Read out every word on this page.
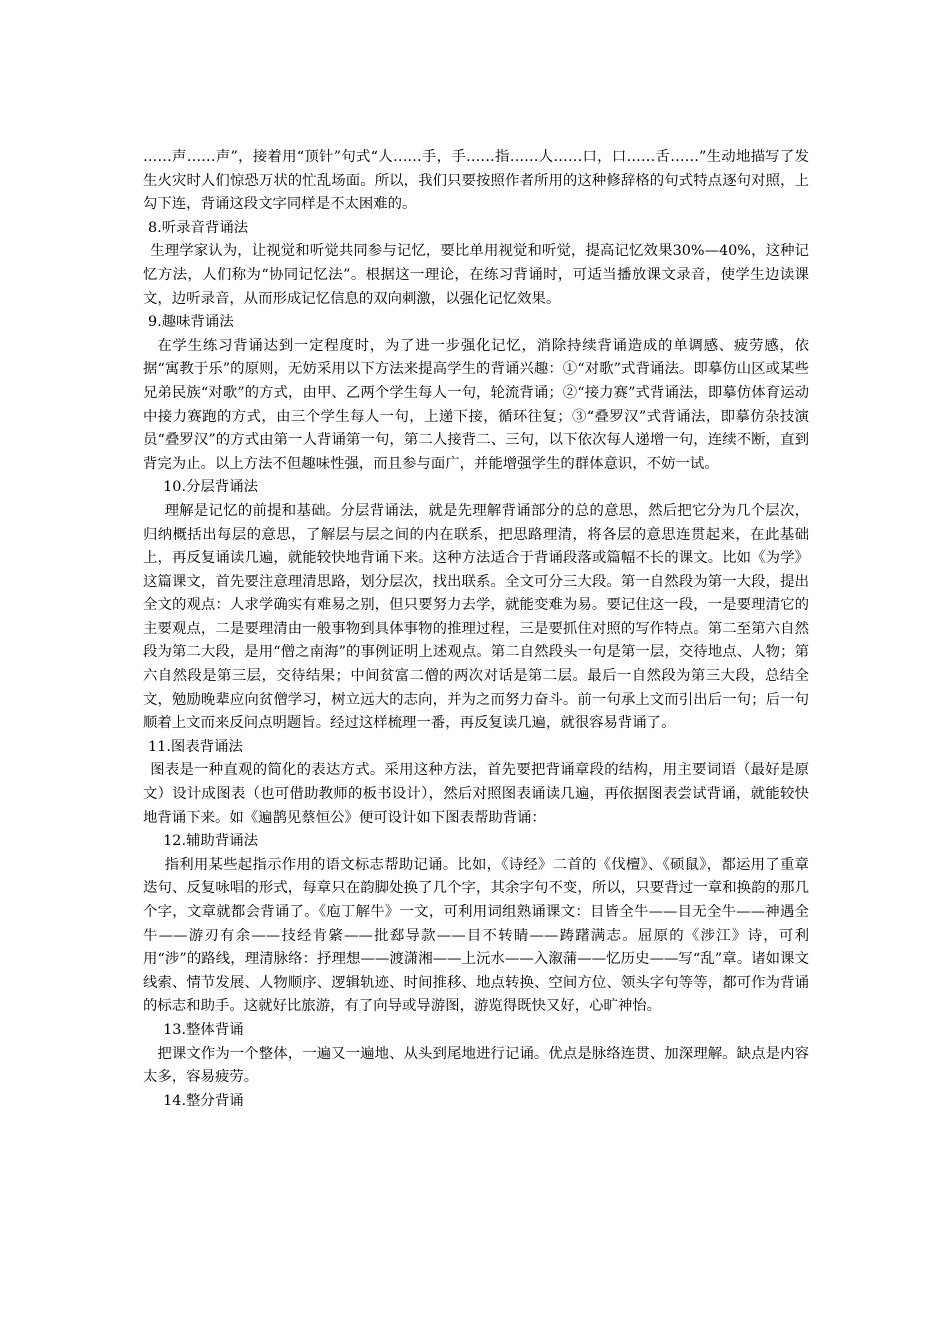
……声……声”，接着用“顶针”句式“人……手，手……指……人……口，口……舌……”生动地描写了发生火灾时人们惊恐万状的忙乱场面。所以，我们只要按照作者所用的这种修辞格的句式特点逐句对照，上勾下连，背诵这段文字同样是不太困难的。

8.听录音背诵法

生理学家认为，让视觉和听觉共同参与记忆，要比单用视觉和听觉，提高记忆效果30%—40%，这种记忆方法，人们称为“协同记忆法”。根据这一理论，在练习背诵时，可适当播放课文录音，使学生边读课文，边听录音，从而形成记忆信息的双向刺激，以强化记忆效果。

9.趣味背诵法

在学生练习背诵达到一定程度时，为了进一步强化记忆，消除持续背诵造成的单调感、疲劳感，依据“寓教于乐”的原则，无妨采用以下方法来提高学生的背诵兴趣：①“对歌”式背诵法。即摹仿山区或某些兄弟民族“对歌”的方式，由甲、乙两个学生每人一句，轮流背诵；②“接力赛”式背诵法，即摹仿体育运动中接力赛跑的方式，由三个学生每人一句，上递下接，循环往复；③“叠罗汉”式背诵法，即摹仿杂技演员“叠罗汉”的方式由第一人背诵第一句，第二人接背二、三句，以下依次每人递增一句，连续不断，直到背完为止。以上方法不但趣味性强，而且参与面广，并能增强学生的群体意识，不妨一试。

10.分层背诵法

理解是记忆的前提和基础。分层背诵法，就是先理解背诵部分的总的意思，然后把它分为几个层次，归纳概括出每层的意思，了解层与层之间的内在联系，把思路理清，将各层的意思连贯起来，在此基础上，再反复诵读几遍，就能较快地背诵下来。这种方法适合于背诵段落或篇幅不长的课文。比如《为学》这篇课文，首先要注意理清思路，划分层次，找出联系。全文可分三大段。第一自然段为第一大段，提出全文的观点：人求学确实有难易之别，但只要努力去学，就能变难为易。要记住这一段，一是要理清它的主要观点，二是要理清由一般事物到具体事物的推理过程，三是要抓住对照的写作特点。第二至第六自然段为第二大段，是用“僧之南海”的事例证明上述观点。第二自然段头一句是第一层，交待地点、人物；第六自然段是第三层，交待结果；中间贫富二僧的两次对话是第二层。最后一自然段为第三大段，总结全文，勉励晚辈应向贫僧学习，树立远大的志向，并为之而努力奋斗。前一句承上文而引出后一句；后一句顺着上文而来反问点明题旨。经过这样梳理一番，再反复读几遍，就很容易背诵了。

11.图表背诵法

图表是一种直观的简化的表达方式。采用这种方法，首先要把背诵章段的结构，用主要词语（最好是原文）设计成图表（也可借助教师的板书设计），然后对照图表诵读几遍，再依据图表尝试背诵，就能较快地背诵下来。如《遍鹊见蔡恒公》便可设计如下图表帮助背诵：

12.辅助背诵法

指利用某些起指示作用的语文标志帮助记诵。比如，《诗经》二首的《伐檀》、《硕鼠》，都运用了重章迭句、反复咏唱的形式，每章只在韵脚处换了几个字，其余字句不变，所以，只要背过一章和换韵的那几个字，文章就都会背诵了。《庖丁解牛》一文，可利用词组熟诵课文：目皆全牛——目无全牛——神遇全牛——游刃有余——技经肯綮——批郄导款——目不转睛——踌躇满志。屈原的《涉江》诗，可利用“涉”的路线，理清脉络：抒理想——渡潇湘——上沅水——入溆蒲——忆历史——写“乱”章。诸如课文线索、情节发展、人物顺序、逻辑轨迹、时间推移、地点转换、空间方位、领头字句等等，都可作为背诵的标志和助手。这就好比旅游，有了向导或导游图，游览得既快又好，心旷神怡。

13.整体背诵

把课文作为一个整体，一遍又一遍地、从头到尾地进行记诵。优点是脉络连贯、加深理解。缺点是内容太多，容易疲劳。

14.整分背诵
